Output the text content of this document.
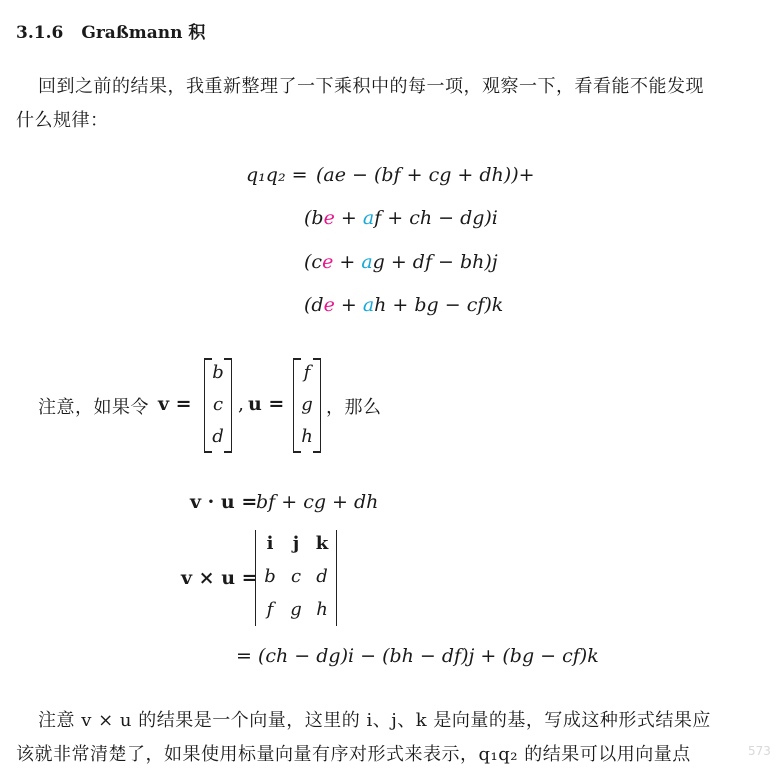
3.1.6 Graßmann 积
回到之前的结果，我重新整理了一下乘积中的每一项，观察一下，看看能不能发现
什么规律：
q₁q₂ = (ae − (bf + cg + dh))+
(be + af + ch − dg)i
(ce + ag + df − bh)j
(de + ah + bg − cf)k
注意，如果令 v =
b
c
d
, u =
f
g
h
，那么
v · u =
bf + cg + dh
v × u =
i	j k
b c d
f g h
= (ch − dg)i − (bh − df)j + (bg − cf)k
注意 v × u 的结果是一个向量，这里的 i、j、k 是向量的基，写成这种形式结果应
该就非常清楚了，如果使用标量向量有序对形式来表示，q₁q₂ 的结果可以用向量点	573
